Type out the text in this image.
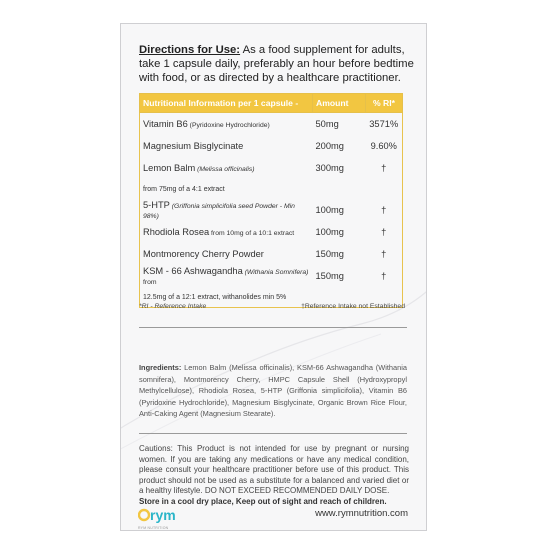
Directions for Use: As a food supplement for adults, take 1 capsule daily, preferably an hour before bedtime with food, or as directed by a healthcare practitioner.
Nutritional Information per 1 capsule -	Amount	% RI*
Vitamin B6 (Pyridoxine Hydrochloride)	50mg	3571%
Magnesium Bisglycinate	200mg	9.60%
Lemon Balm (Melissa officinalis)	300mg	†
from 75mg of a 4:1 extract		
5-HTP (Griffonia simplicifolia seed Powder - Min 98%)	100mg	†
Rhodiola Rosea from 10mg of a 10:1 extract	100mg	†
Montmorency Cherry Powder	150mg	†
KSM - 66 Ashwagandha (Withania Somnifera) from	150mg	†
12.5mg of a 12:1 extract, withanolides min 5%		
*RI - Reference Intake	†Reference Intake not Established
Ingredients: Lemon Balm (Melissa officinalis), KSM-66 Ashwagandha (Withania somnifera), Montmorency Cherry, HMPC Capsule Shell (Hydroxypropyl Methylcellulose), Rhodiola Rosea, 5-HTP (Griffonia simplicifolia), Vitamin B6 (Pyridoxine Hydrochloride), Magnesium Bisglycinate, Organic Brown Rice Flour, Anti-Caking Agent (Magnesium Stearate).
Cautions: This Product is not intended for use by pregnant or nursing women. If you are taking any medications or have any medical condition, please consult your healthcare practitioner before use of this product. This product should not be used as a substitute for a balanced and varied diet or a healthy lifestyle. DO NOT EXCEED RECOMMENDED DAILY DOSE.
Store in a cool dry place, Keep out of sight and reach of children.
rym
RYM NUTRITION
www.rymnutrition.com
